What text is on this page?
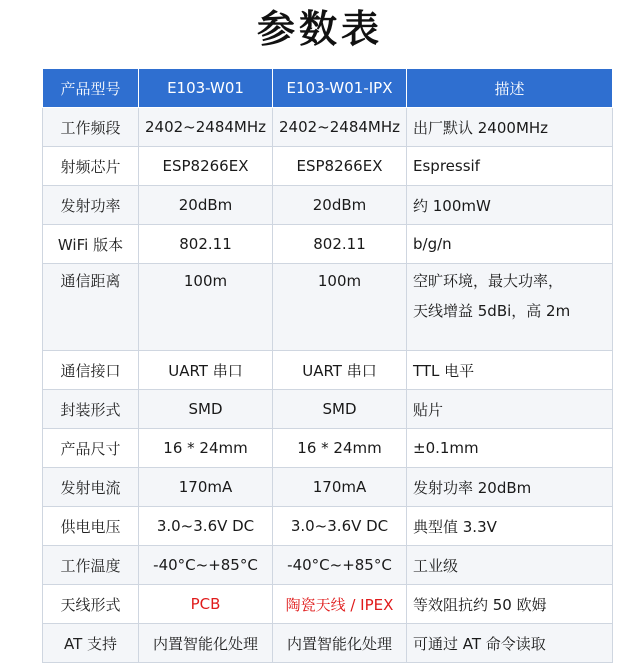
参数表
产品型号	E103-W01	E103-W01-IPX	描述
工作频段	2402~2484MHz	2402~2484MHz	出厂默认 2400MHz

射频芯片	ESP8266EX	ESP8266EX	Espressif

发射功率	20dBm	20dBm	约 100mW

WiFi 版本	802.11	802.11	b/g/n

通信距离	100m	100m	空旷环境，最大功率，
天线增益 5dBi，高 2m

通信接口	UART 串口	UART 串口	TTL 电平

封装形式	SMD	SMD	贴片

产品尺寸	16 * 24mm	16 * 24mm	±0.1mm

发射电流	170mA	170mA	发射功率 20dBm

供电电压	3.0~3.6V DC	3.0~3.6V DC	典型值 3.3V

工作温度	-40°C~+85°C	-40°C~+85°C	工业级

天线形式	PCB	陶瓷天线 / IPEX	等效阻抗约 50 欧姆

AT 支持	内置智能化处理	内置智能化处理	可通过 AT 命令读取
